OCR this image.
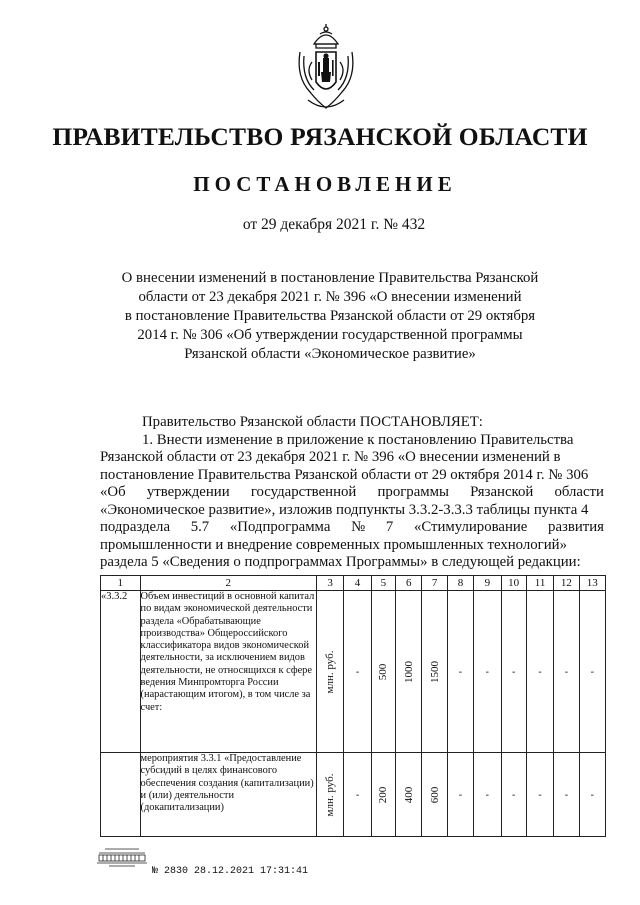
ПРАВИТЕЛЬСТВО РЯЗАНСКОЙ ОБЛАСТИ
ПОСТАНОВЛЕНИЕ
от 29 декабря 2021 г. № 432
О внесении изменений в постановление Правительства Рязанской
области от 23 декабря 2021 г. № 396 «О внесении изменений
в постановление Правительства Рязанской области от 29 октября
2014 г. № 306 «Об утверждении государственной программы
Рязанской области «Экономическое развитие»
Правительство Рязанской области ПОСТАНОВЛЯЕТ:
1. Внести изменение в приложение к постановлению Правительства
Рязанской области от 23 декабря 2021 г. № 396 «О внесении изменений в
постановление Правительства Рязанской области от 29 октября 2014 г. № 306
«Об утверждении государственной программы Рязанской области
«Экономическое развитие», изложив подпункты 3.3.2-3.3.3 таблицы пункта 4
подраздела 5.7 «Подпрограмма № 7 «Стимулирование развития
промышленности и внедрение современных промышленных технологий»
раздела 5 «Сведения о подпрограммах Программы» в следующей редакции:
1	2	3	4	5	6	7	8	9	10	11	12	13
«3.3.2	Объем инвестиций в основной капитал по видам экономической деятельности раздела «Обрабатывающие производства» Общероссийского классификатора видов экономической деятельности, за исключением видов деятельности, не относящихся к сфере ведения Минпромторга России (нарастающим итогом), в том числе за счет:	млн. руб.	-	500	1000	1500	-	-	-	-	-	-

	мероприятия 3.3.1 «Предоставление субсидий в целях финансового обеспечения создания (капитализации) и (или) деятельности (докапитализации)	млн. руб.	-	200	400	600	-	-	-	-	-	-
№ 2830 28.12.2021 17:31:41
